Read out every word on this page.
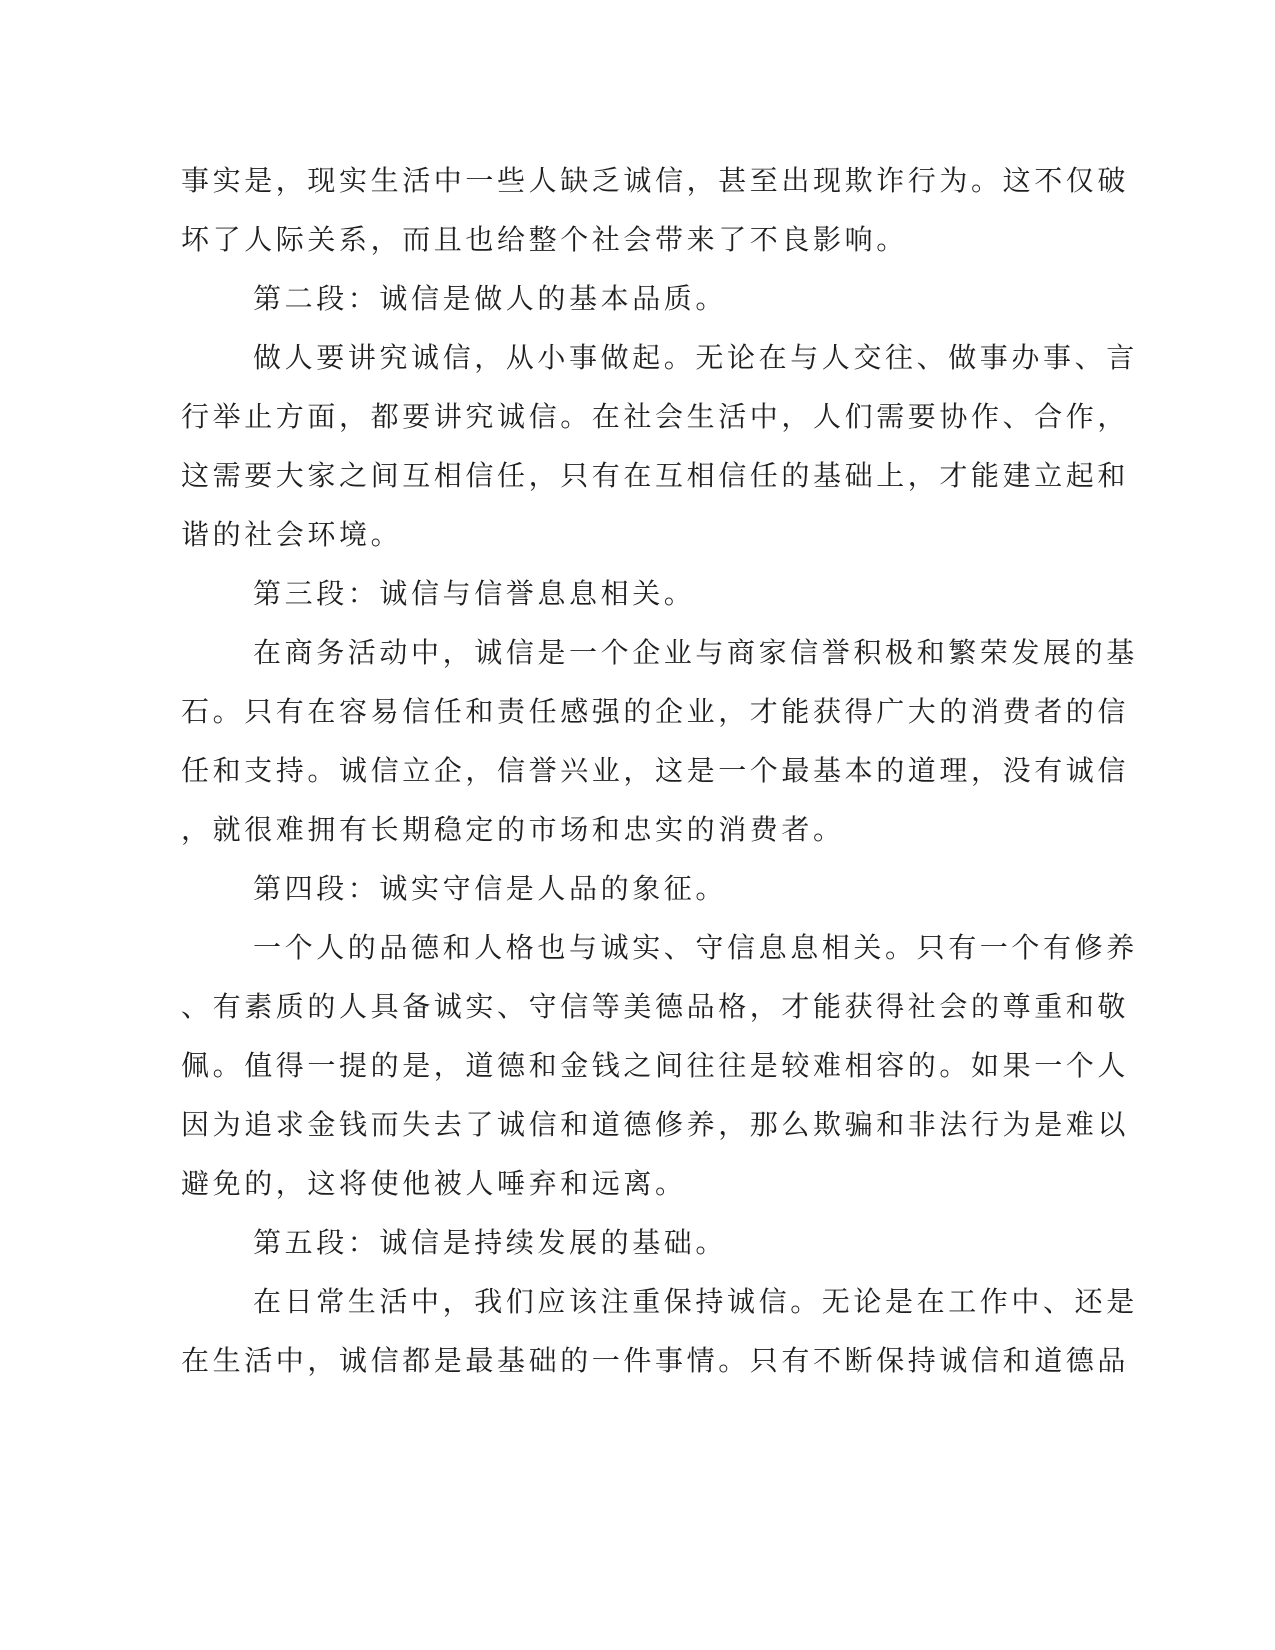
事实是，现实生活中一些人缺乏诚信，甚至出现欺诈行为。这不仅破

坏了人际关系，而且也给整个社会带来了不良影响。

第二段：诚信是做人的基本品质。

做人要讲究诚信，从小事做起。无论在与人交往、做事办事、言

行举止方面，都要讲究诚信。在社会生活中，人们需要协作、合作，

这需要大家之间互相信任，只有在互相信任的基础上，才能建立起和

谐的社会环境。

第三段：诚信与信誉息息相关。

在商务活动中，诚信是一个企业与商家信誉积极和繁荣发展的基

石。只有在容易信任和责任感强的企业，才能获得广大的消费者的信

任和支持。诚信立企，信誉兴业，这是一个最基本的道理，没有诚信

，就很难拥有长期稳定的市场和忠实的消费者。

第四段：诚实守信是人品的象征。

一个人的品德和人格也与诚实、守信息息相关。只有一个有修养

、有素质的人具备诚实、守信等美德品格，才能获得社会的尊重和敬

佩。值得一提的是，道德和金钱之间往往是较难相容的。如果一个人

因为追求金钱而失去了诚信和道德修养，那么欺骗和非法行为是难以

避免的，这将使他被人唾弃和远离。

第五段：诚信是持续发展的基础。

在日常生活中，我们应该注重保持诚信。无论是在工作中、还是

在生活中，诚信都是最基础的一件事情。只有不断保持诚信和道德品
